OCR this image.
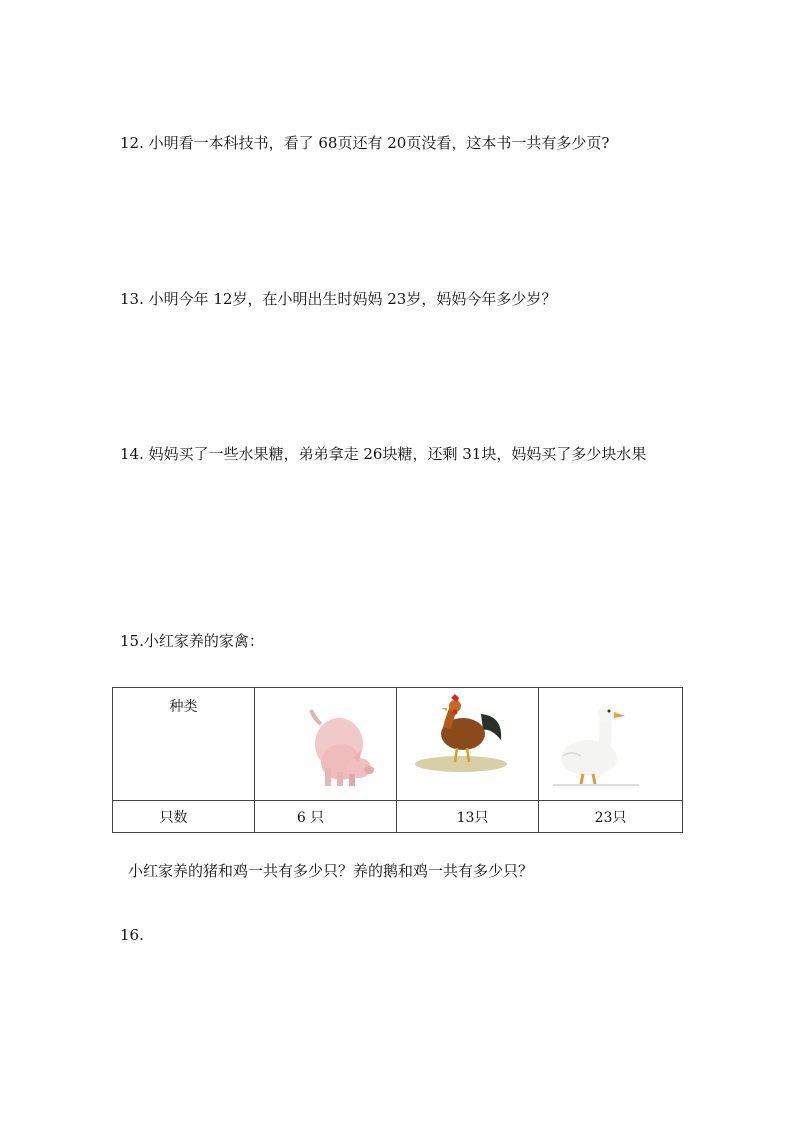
12. 小明看一本科技书，看了 68页还有 20页没看，这本书一共有多少页?
13. 小明今年 12岁，在小明出生时妈妈 23岁，妈妈今年多少岁？
14. 妈妈买了一些水果糖，弟弟拿走 26块糖，还剩 31块，妈妈买了多少块水果
15.小红家养的家禽：
种类	

只数	6 只	13只	23只
小红家养的猪和鸡一共有多少只？养的鹅和鸡一共有多少只？
16.
